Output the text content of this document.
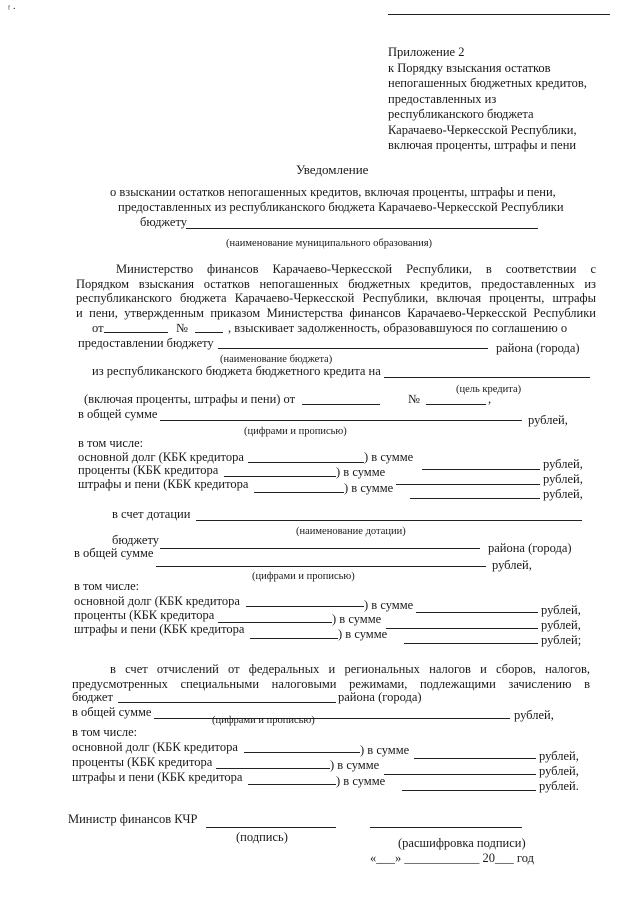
ᶠ ·
Приложение 2
к Порядку взыскания остатков
непогашенных бюджетных кредитов,
предоставленных из
республиканского бюджета
Карачаево-Черкесской Республики,
включая проценты, штрафы и пени
Уведомление
о взыскании остатков непогашенных кредитов, включая проценты, штрафы и пени,
предоставленных из республиканского бюджета Карачаево-Черкесской Республики
бюджету
(наименование муниципального образования)
Министерство финансов Карачаево-Черкесской Республики, в соответствии с
Порядком взыскания остатков непогашенных бюджетных кредитов, предоставленных из
республиканского бюджета Карачаево-Черкесской Республики, включая проценты, штрафы
и пени, утвержденным приказом Министерства финансов Карачаево-Черкесской Республики
от	№	, взыскивает задолженность, образовавшуюся по соглашению о
предоставлении бюджету	района (города)
(наименование бюджета)
из республиканского бюджета бюджетного кредита на
(цель кредита)
(включая проценты, штрафы и пени) от	№	,
в общей сумме	рублей,
(цифрами и прописью)
в том числе:
основной долг (КБК кредитора	) в сумме	рублей,
проценты (КБК кредитора	) в сумме	рублей,
штрафы и пени (КБК кредитора	) в сумме	рублей,
в счет дотации
(наименование дотации)
бюджету
района (города)
в общей сумме
рублей,
(цифрами и прописью)
в том числе:
основной долг (КБК кредитора	) в сумме	рублей,
проценты (КБК кредитора	) в сумме	рублей,
штрафы и пени (КБК кредитора	) в сумме	рублей;
в счет отчислений от федеральных и региональных налогов и сборов, налогов,
предусмотренных специальными налоговыми режимами, подлежащими зачислению в
бюджет	района (города)
в общей сумме	рублей,
(цифрами и прописью)
в том числе:
основной долг (КБК кредитора	) в сумме	рублей,
проценты (КБК кредитора	) в сумме	рублей,
штрафы и пени (КБК кредитора	) в сумме	рублей.
Министр финансов КЧР
(подпись)	(расшифровка подписи)
«___» ____________ 20___ год
